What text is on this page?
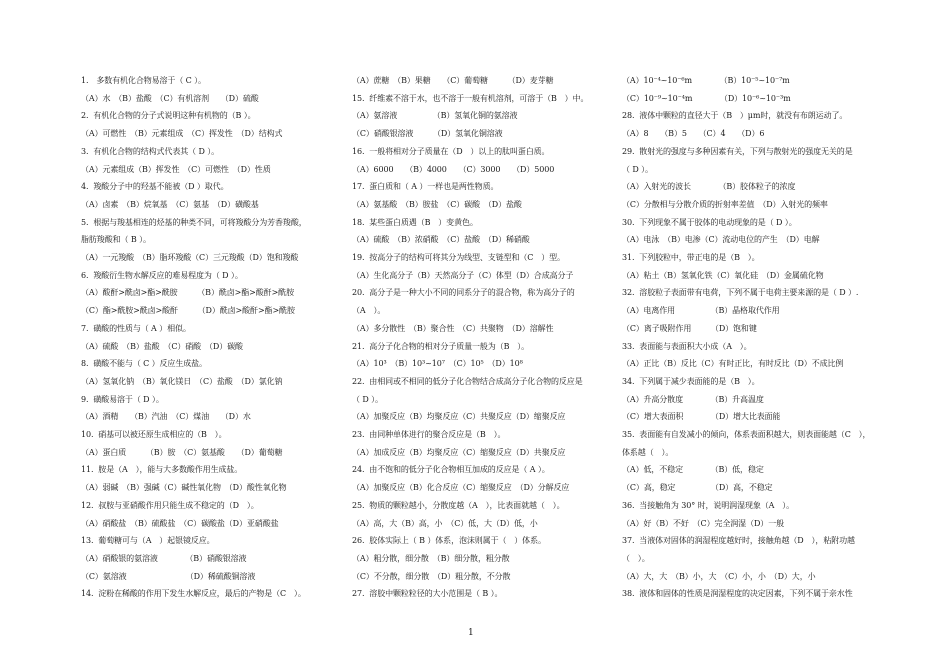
1.　多数有机化合物易溶于（ C ）。
（A）水　（B）盐酸　（C）有机溶剂　　（D）硫酸
2.  有机化合物的分子式说明这种有机物的（B ）。
（A）可燃性　（B）元素组成　（C）挥发性　（D）结构式
3.  有机化合物的结构式代表其（ D ）。
（A）元素组成（B）挥发性　（C）可燃性　（D）性质
4.  羧酸分子中的羟基不能被（D ）取代。
（A）卤素　（B）烷氧基　（C）氨基　（D）磺酸基
5.  根据与羧基相连的烃基的种类不同，可将羧酸分为芳香羧酸，
脂肪羧酸和（ B ）。
（A）一元羧酸　（B）脂环羧酸（C）三元羧酸（D）饱和羧酸
6.  羧酸衍生物水解反应的难易程度为（ D ）。
（A）酸酐>酰卤>酯>酰胺　　　（B）酰卤>酯>酸酐>酰胺
（C）酯>酰胺>酰卤>酸酐　　　（D）酰卤>酸酐>酯>酰胺
7.  磺酸的性质与（ A ）相似。
（A）硫酸　（B）盐酸　（C）硝酸　（D）碳酸
8.  磺酸不能与（ C ）反应生成盐。
（A）氢氧化钠　（B）氧化镁日　（C）盐酸　（D）氯化钠
9.  磺酸易溶于（ D ）。
（A）酒精　　（B）汽油　（C）煤油　　（D）水
10.  硝基可以被还原生成相应的（B　）。
（A）蛋白质　　　（B）胺　（C）氨基酸　　（D）葡萄糖
11.  胺是（A　），能与大多数酸作用生成盐。
（A）弱碱　（B）强碱（C）碱性氧化物　（D）酸性氧化物
12.  叔胺与亚硝酸作用只能生成不稳定的（D　）。
（A）硝酸盐　（B）硫酸盐　（C）碳酸盐（D）亚硝酸盐
13.  葡萄糖可与（A　）起银镜反应。
（A）硝酸银的氨溶液　　　　（B）硝酸银溶液
（C）氨溶液　　　　　　　　（D）稀硫酸铜溶液
14.  淀粉在稀酸的作用下发生水解反应，最后的产物是（C　）。
（A）蔗糖　（B）果糖　　（C）葡萄糖　　　（D）麦芽糖
15.  纤维素不溶于水，也不溶于一般有机溶剂，可溶于（B　）中。
（A）氨溶液　　　　　（B）氢氧化铜的氨溶液
（C）硝酸银溶液　　　（D）氢氧化铜溶液
16.  一般将相对分子质量在（D　）以上的肽叫蛋白质。
（A）6000　　（B）4000　　（C）3000　　（D）5000
17.  蛋白质和（ A ）一样也是两性物质。
（A）氨基酸　（B）胺盐　（C）碳酸　（D）盐酸
18.  某些蛋白质遇（B　）变黄色。
（A）硫酸　（B）浓硝酸　（C）盐酸　（D）稀硝酸
19.  按高分子的结构可将其分为线型、支链型和（C　）型。
（A）生化高分子（B）天然高分子（C）体型（D）合成高分子
20.  高分子是一种大小不同的同系分子的混合物，称为高分子的
（A　）。
（A）多分散性　（B）聚合性　（C）共聚物　（D）溶解性
21.  高分子化合物的相对分子质量一般为（B　）。
（A）10³　（B）10³~10⁷　（C）10⁵　（D）10⁸
22.  由相同或不相同的低分子化合物结合成高分子化合物的反应是
（ D ）。
（A）加聚反应（B）均聚反应（C）共聚反应（D）缩聚反应
23.  由同种单体进行的聚合反应是（B　）。
（A）加成反应（B）均聚反应（C）缩聚反应（D）共聚反应
24.  由不饱和的低分子化合物相互加成的反应是（ A ）。
（A）加聚反应（B）化合反应（C）缩聚反应　（D）分解反应
25.  物质的颗粒越小，分散度越（A　），比表面就越（　）。
（A）高，大（B）高，小　（C）低，大（D）低，小
26.  胶体实际上（ B ）体系，泡沫则属于（　）体系。
（A）粗分散，细分散　（B）细分散，粗分散
（C）不分散，细分散　（D）粗分散，不分散
27.  溶胶中颗粒粒径的大小范围是（ B ）。
（A）10⁻⁴~10⁻⁶m　　　　（B）10⁻⁵~10⁻⁷m
（C）10⁻⁹~10⁻⁴m　　　　（D）10⁻⁶~10⁻³m
28.  液体中颗粒的直径大于（B　）μm时，就没有布朗运动了。
（A）8　　（B）5　　（C）4　　（D）6
29.  散射光的强度与多种因素有关，下列与散射光的强度无关的是
（ D ）。
（A）入射光的波长　　　　（B）胶体粒子的浓度
（C）分散相与分散介质的折射率差值　（D）入射光的频率
30.  下列现象不属于胶体的电动现象的是（ D ）。
（A）电泳　（B）电渗（C）流动电位的产生　（D）电解
31.  下列胶粒中，带正电的是（B　）。
（A）粘土（B）氢氧化铁（C）氧化硅　（D）金属硫化物
32.  溶胶粒子表面带有电荷，下列不属于电荷主要来源的是（ D ）.
（A）电离作用　　　　　（B）晶格取代作用
（C）离子吸附作用　　　（D）饱和键
33.  表面能与表面积大小成（A　）。
（A）正比（B）反比（C）有时正比，有时反比（D）不成比例
34.  下列属于减少表面能的是（B　）。
（A）升高分散度　　　　（B）升高温度
（C）增大表面积　　　　（D）增大比表面能
35.  表面能有自发减小的倾向，体系表面积越大，则表面能越（C　），
体系越（　）。
（A）低，不稳定　　　　（B）低，稳定
（C）高，稳定　　　　　（D）高，不稳定
36.  当接触角为 30° 时，说明润湿现象（A　）。
（A）好（B）不好　（C）完全润湿（D）一般
37.  当液体对固体的润湿程度越好时，接触角越（D　），粘附功越
（　）。
（A）大，大　（B）小，大　（C）小，小　（D）大，小
38.  液体和固体的性质是润湿程度的决定因素，下列不属于亲水性
1
